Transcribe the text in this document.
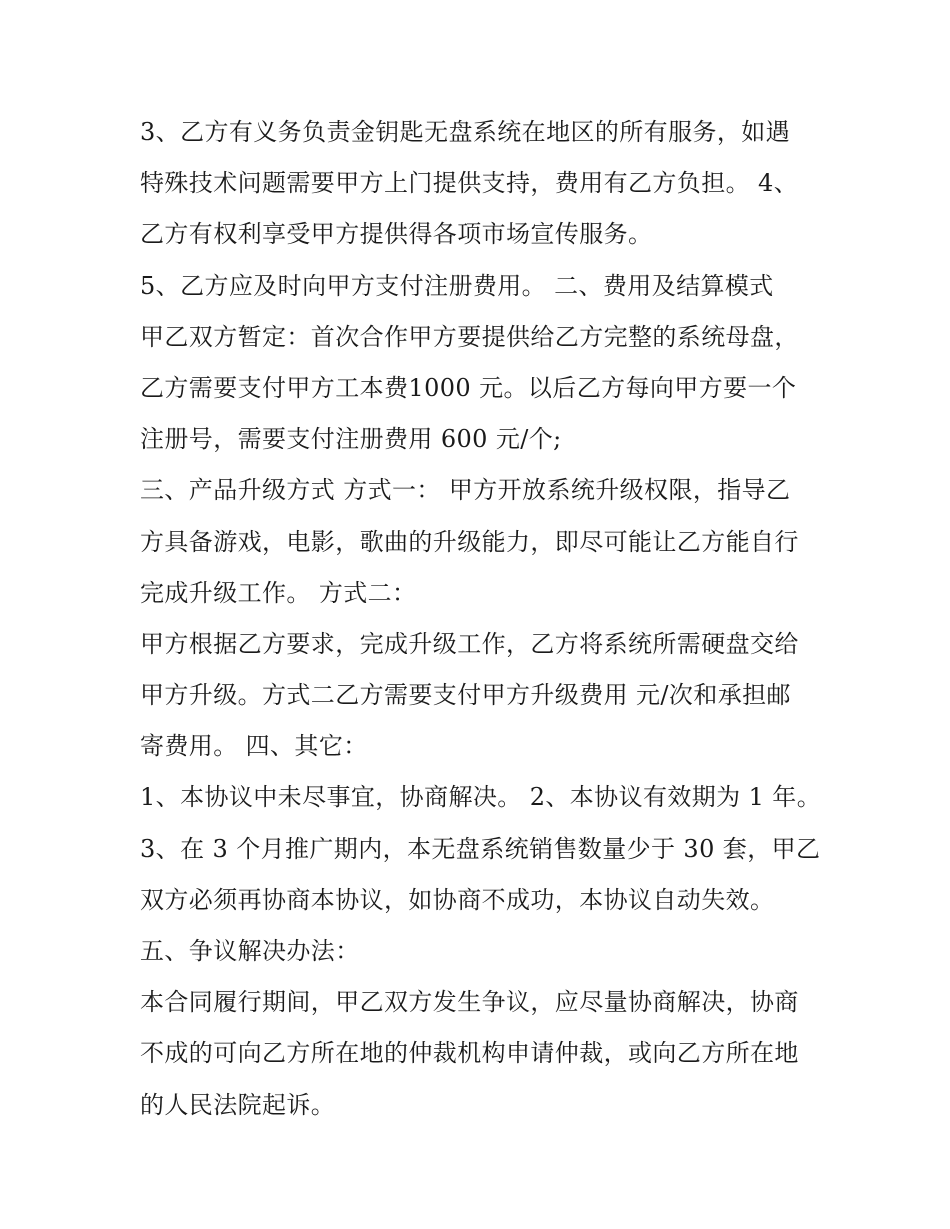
3、乙方有义务负责金钥匙无盘系统在地区的所有服务，如遇
特殊技术问题需要甲方上门提供支持，费用有乙方负担。 4、
乙方有权利享受甲方提供得各项市场宣传服务。
5、乙方应及时向甲方支付注册费用。 二、费用及结算模式
甲乙双方暂定：首次合作甲方要提供给乙方完整的系统母盘，
乙方需要支付甲方工本费1000 元。以后乙方每向甲方要一个
注册号，需要支付注册费用 600 元/个;
三、产品升级方式 方式一： 甲方开放系统升级权限，指导乙
方具备游戏，电影，歌曲的升级能力，即尽可能让乙方能自行
完成升级工作。 方式二：
甲方根据乙方要求，完成升级工作，乙方将系统所需硬盘交给
甲方升级。方式二乙方需要支付甲方升级费用 元/次和承担邮
寄费用。 四、其它：
1、本协议中未尽事宜，协商解决。 2、本协议有效期为 1 年。
3、在 3 个月推广期内，本无盘系统销售数量少于 30 套，甲乙
双方必须再协商本协议，如协商不成功，本协议自动失效。
五、争议解决办法：
本合同履行期间，甲乙双方发生争议，应尽量协商解决，协商
不成的可向乙方所在地的仲裁机构申请仲裁，或向乙方所在地
的人民法院起诉。
